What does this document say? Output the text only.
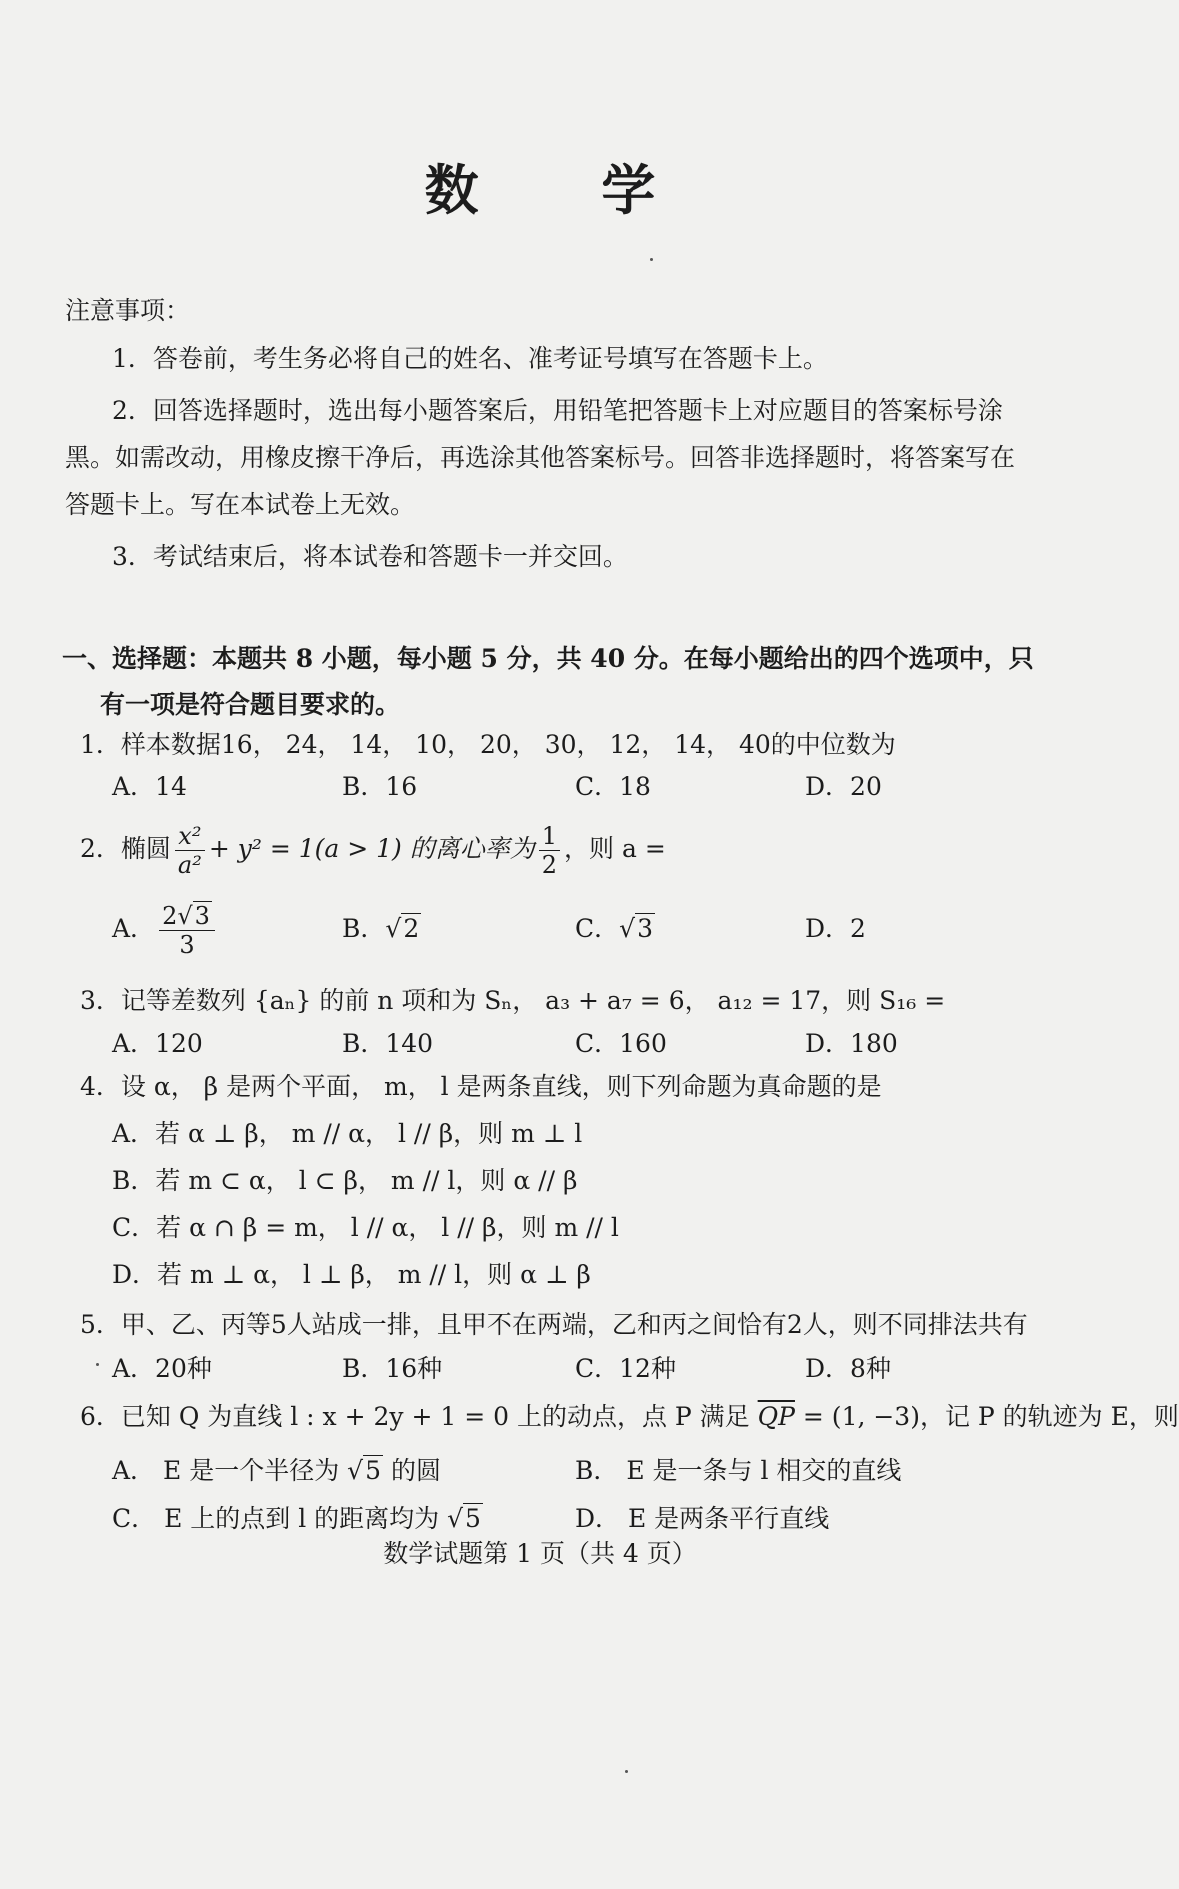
数 学
注意事项：
1．答卷前，考生务必将自己的姓名、准考证号填写在答题卡上。
2．回答选择题时，选出每小题答案后，用铅笔把答题卡上对应题目的答案标号涂
黑。如需改动，用橡皮擦干净后，再选涂其他答案标号。回答非选择题时，将答案写在
答题卡上。写在本试卷上无效。
3．考试结束后，将本试卷和答题卡一并交回。
一、选择题：本题共 8 小题，每小题 5 分，共 40 分。在每小题给出的四个选项中，只
有一项是符合题目要求的。
1．样本数据16， 24， 14， 10， 20， 30， 12， 14， 40的中位数为
A．14	B．16	C．18	D．20
2．椭圆 $\frac{\text{x²}}{\text{a²}} + y^2 = 1(a > 1)$ 的离心率为 $\frac{1}{2}$ ，则 a =
A． $\frac{2√3}{3}$	B．√2	C．√3	D．2
3．记等差数列 {aₙ} 的前 n 项和为 Sₙ， a₃ + a₇ = 6， a₁₂ = 17，则 S₁₆ =
A．120	B．140	C．160	D．180
4．设 α， β 是两个平面， m， l 是两条直线，则下列命题为真命题的是
A．若 α ⊥ β， m // α， l // β，则 m ⊥ l
B．若 m ⊂ α， l ⊂ β， m // l，则 α // β
C．若 α ∩ β = m， l // α， l // β，则 m // l
D．若 m ⊥ α， l ⊥ β， m // l，则 α ⊥ β
5．甲、乙、丙等5人站成一排，且甲不在两端，乙和丙之间恰有2人，则不同排法共有
A．20种	B．16种	C．12种	D．8种
6．已知 Q 为直线 l : x + 2y + 1 = 0 上的动点，点 P 满足 $\overline{QP} = (1$, −3)，记 P 的轨迹为 E，则
A． E 是一个半径为 √5 的圆	B． E 是一条与 l 相交的直线
C． E 上的点到 l 的距离均为 √5	D． E 是两条平行直线
数学试题第 1 页（共 4 页）
